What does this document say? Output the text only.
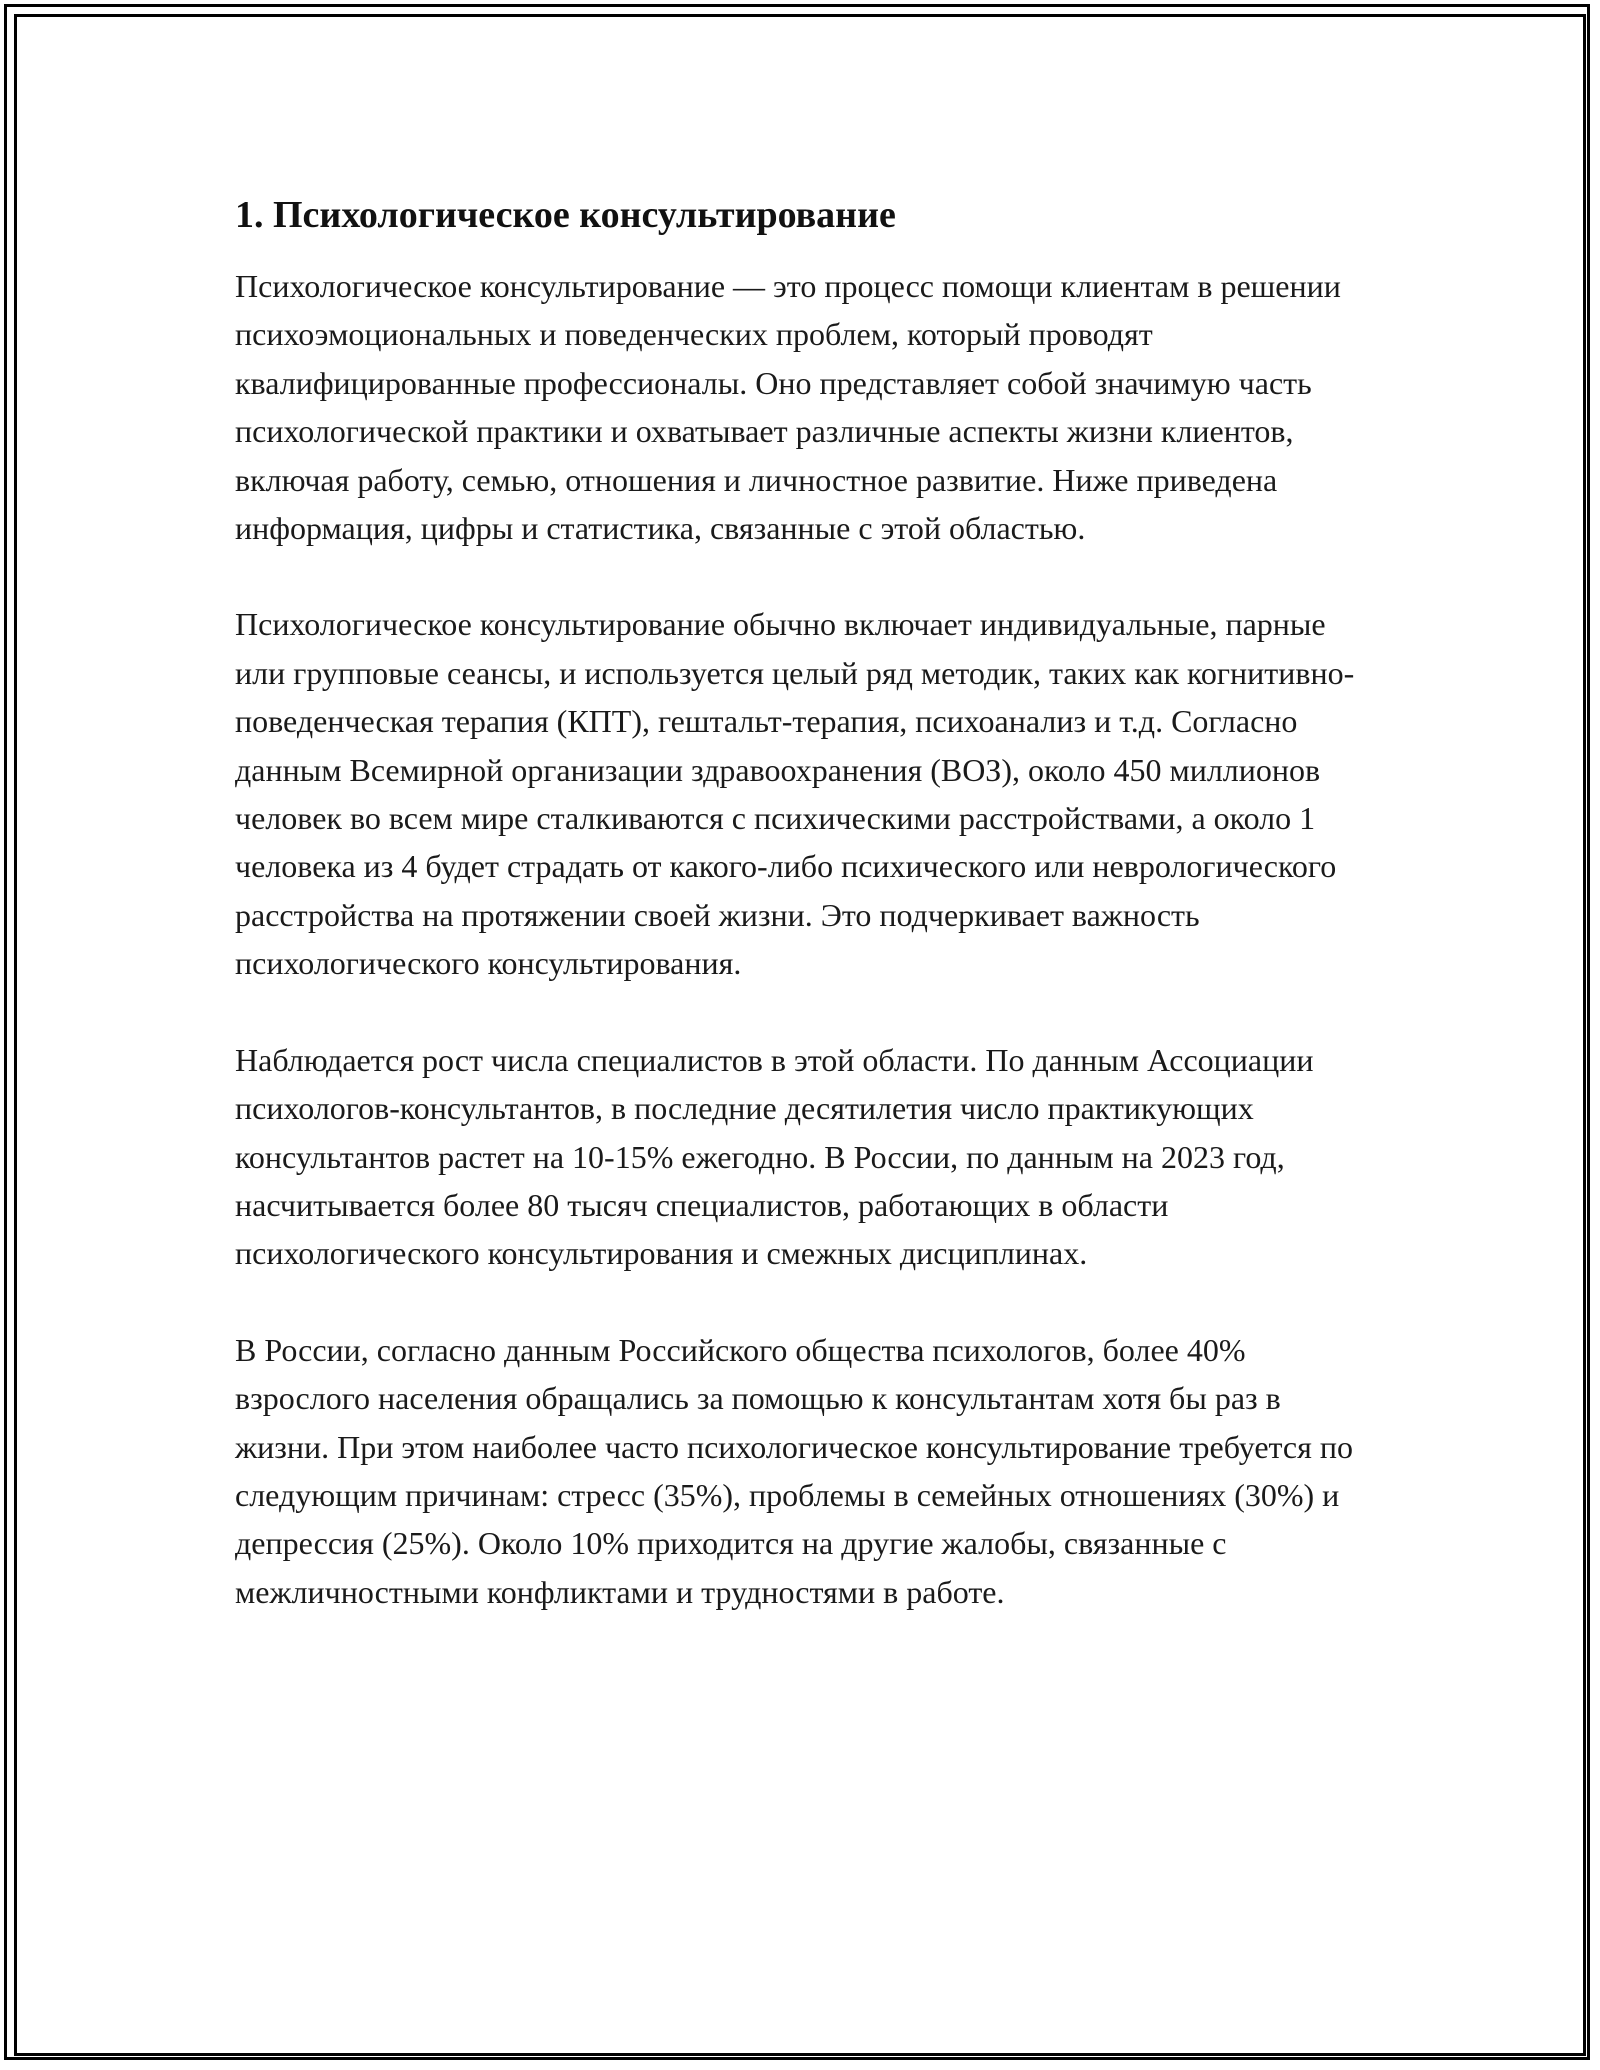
1. Психологическое консультирование

Психологическое консультирование — это процесс помощи клиентам в решении психоэмоциональных и поведенческих проблем, который проводят квалифицированные профессионалы. Оно представляет собой значимую часть психологической практики и охватывает различные аспекты жизни клиентов, включая работу, семью, отношения и личностное развитие. Ниже приведена информация, цифры и статистика, связанные с этой областью.

Психологическое консультирование обычно включает индивидуальные, парные или групповые сеансы, и используется целый ряд методик, таких как когнитивно-поведенческая терапия (КПТ), гештальт-терапия, психоанализ и т.д. Согласно данным Всемирной организации здравоохранения (ВОЗ), около 450 миллионов человек во всем мире сталкиваются с психическими расстройствами, а около 1 человека из 4 будет страдать от какого-либо психического или неврологического расстройства на протяжении своей жизни. Это подчеркивает важность психологического консультирования.

Наблюдается рост числа специалистов в этой области. По данным Ассоциации психологов-консультантов, в последние десятилетия число практикующих консультантов растет на 10-15% ежегодно. В России, по данным на 2023 год, насчитывается более 80 тысяч специалистов, работающих в области психологического консультирования и смежных дисциплинах.

В России, согласно данным Российского общества психологов, более 40% взрослого населения обращались за помощью к консультантам хотя бы раз в жизни. При этом наиболее часто психологическое консультирование требуется по следующим причинам: стресс (35%), проблемы в семейных отношениях (30%) и депрессия (25%). Около 10% приходится на другие жалобы, связанные с межличностными конфликтами и трудностями в работе.
